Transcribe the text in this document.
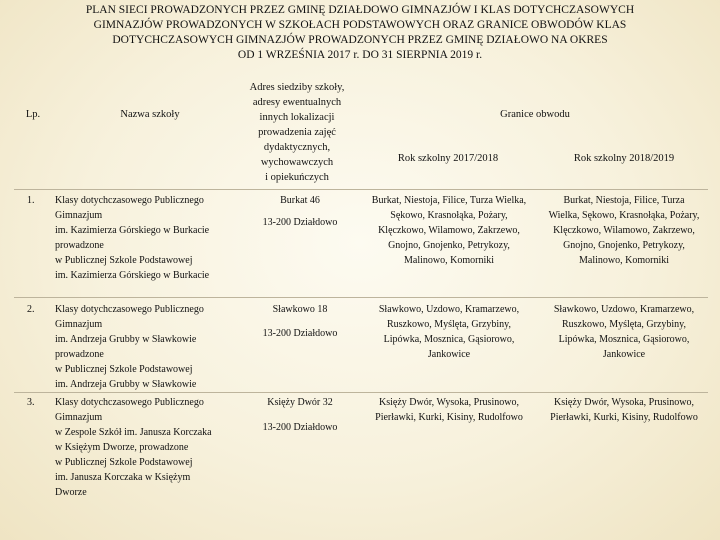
PLAN SIECI PROWADZONYCH PRZEZ GMINĘ DZIAŁDOWO GIMNAZJÓW I KLAS DOTYCHCZASOWYCH
GIMNAZJÓW PROWADZONYCH W SZKOŁACH PODSTAWOWYCH ORAZ GRANICE OBWODÓW KLAS
DOTYCHCZASOWYCH GIMNAZJÓW PROWADZONYCH PRZEZ GMINĘ DZIAŁOWO NA OKRES
OD 1 WRZEŚNIA 2017 r. DO 31 SIERPNIA 2019 r.
Lp.	Nazwa szkoły
Adres siedziby szkoły,
adresy ewentualnych
innych lokalizacji
prowadzenia zajęć
dydaktycznych,
wychowawczych
i opiekuńczych
Granice obwodu
Rok szkolny 2017/2018	Rok szkolny 2018/2019
1. Klasy dotychczasowego Publicznego
Gimnazjum
im. Kazimierza Górskiego w Burkacie
prowadzone
w Publicznej Szkole Podstawowej
im. Kazimierza Górskiego w Burkacie
Burkat 46
13-200 Działdowo
Burkat, Niestoja, Filice, Turza Wielka,
Sękowo, Krasnołąka, Pożary,
Klęczkowo, Wilamowo, Zakrzewo,
Gnojno, Gnojenko, Petrykozy,
Malinowo, Komorniki
Burkat, Niestoja, Filice, Turza
Wielka, Sękowo, Krasnołąka, Pożary,
Klęczkowo, Wilamowo, Zakrzewo,
Gnojno, Gnojenko, Petrykozy,
Malinowo, Komorniki
2. Klasy dotychczasowego Publicznego
Gimnazjum
im. Andrzeja Grubby w Sławkowie
prowadzone
w Publicznej Szkole Podstawowej
im. Andrzeja Grubby w Sławkowie
Sławkowo 18
13-200 Działdowo
Sławkowo, Uzdowo, Kramarzewo,
Ruszkowo, Myślęta, Grzybiny,
Lipówka, Mosznica, Gąsiorowo,
Jankowice
Sławkowo, Uzdowo, Kramarzewo,
Ruszkowo, Myślęta, Grzybiny,
Lipówka, Mosznica, Gąsiorowo,
Jankowice
3. Klasy dotychczasowego Publicznego
Gimnazjum
w Zespole Szkół im. Janusza Korczaka
w Księżym Dworze, prowadzone
w Publicznej Szkole Podstawowej
im. Janusza Korczaka w Księżym
Dworze
Księży Dwór 32
13-200 Działdowo
Księży Dwór, Wysoka, Prusinowo,
Pierławki, Kurki, Kisiny, Rudolfowo
Księży Dwór, Wysoka, Prusinowo,
Pierławki, Kurki, Kisiny, Rudolfowo
